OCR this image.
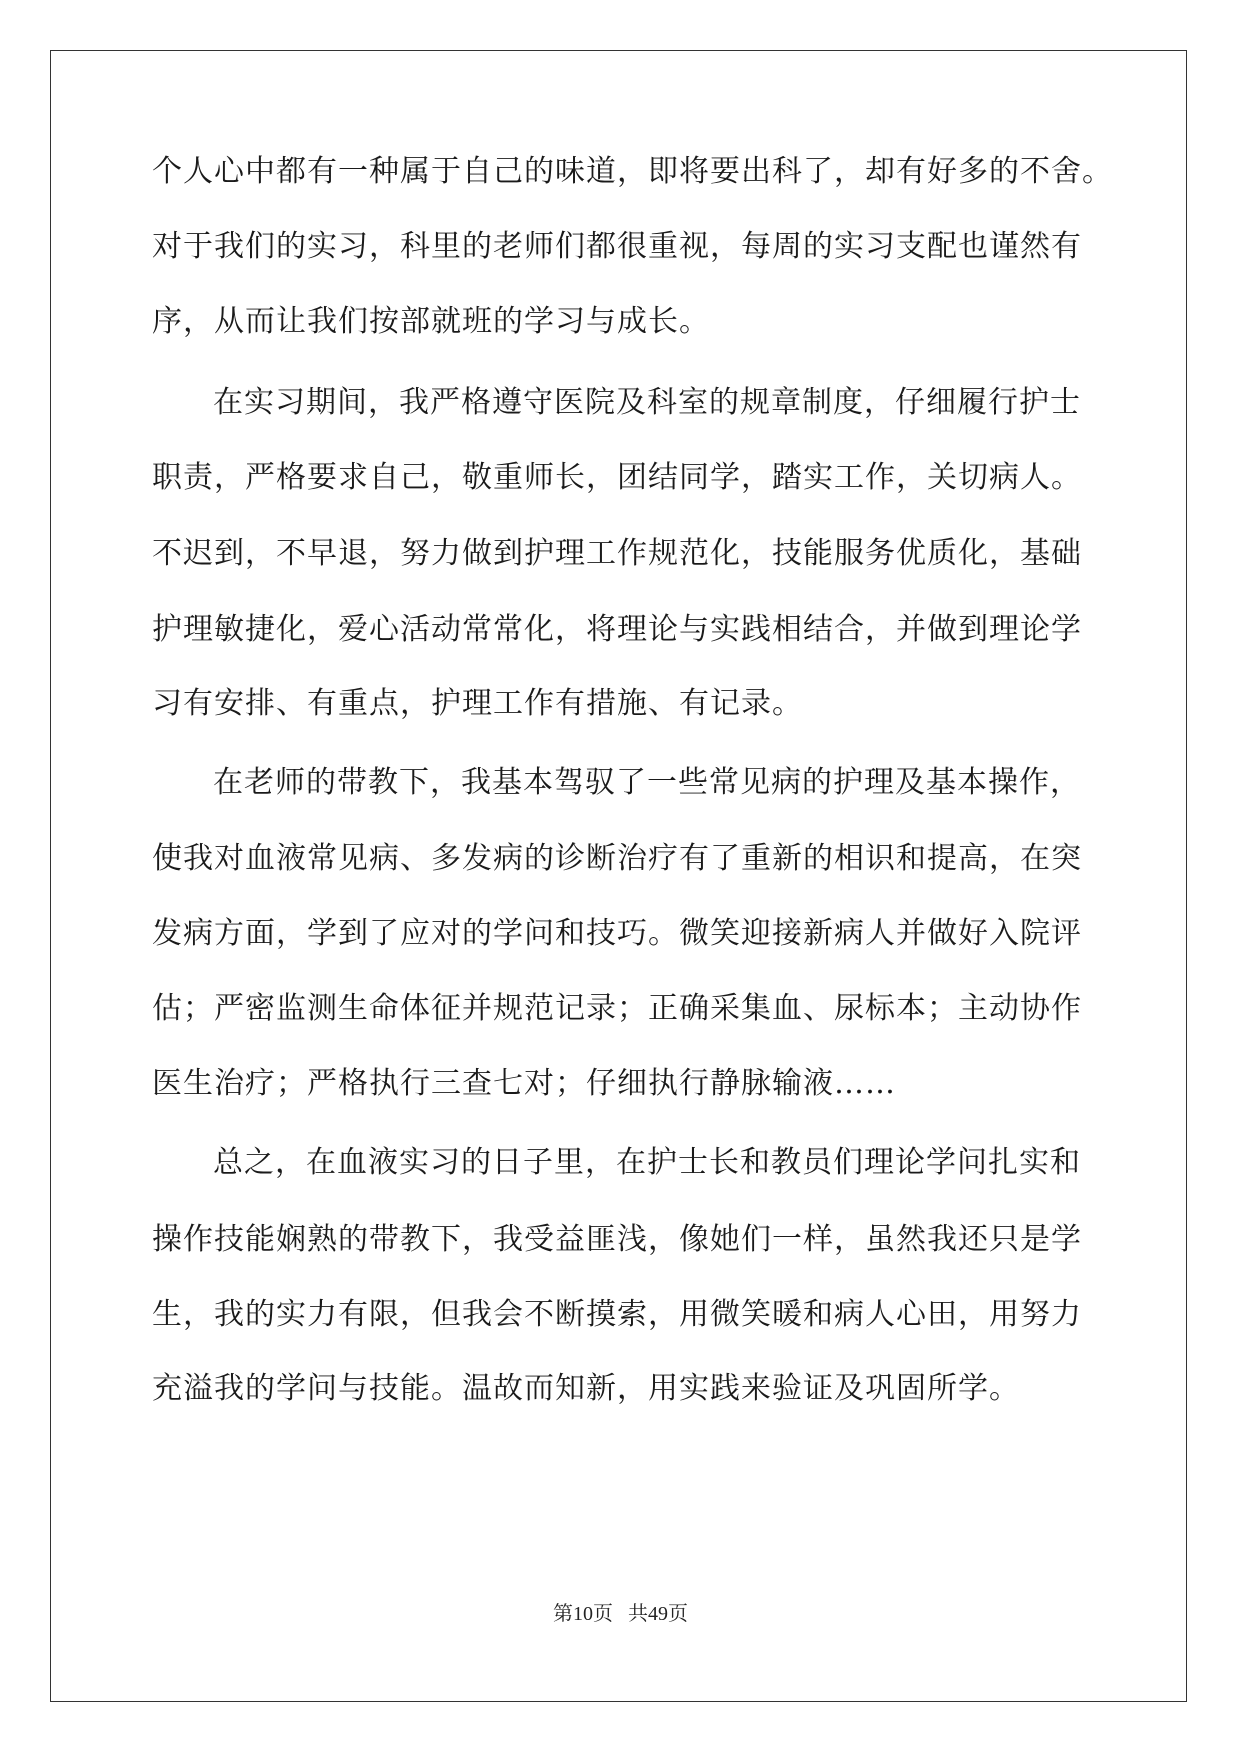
个人心中都有一种属于自己的味道，即将要出科了，却有好多的不舍。
对于我们的实习，科里的老师们都很重视，每周的实习支配也谨然有
序，从而让我们按部就班的学习与成长。
在实习期间，我严格遵守医院及科室的规章制度，仔细履行护士
职责，严格要求自己，敬重师长，团结同学，踏实工作，关切病人。
不迟到，不早退，努力做到护理工作规范化，技能服务优质化，基础
护理敏捷化，爱心活动常常化，将理论与实践相结合，并做到理论学
习有安排、有重点，护理工作有措施、有记录。
在老师的带教下，我基本驾驭了一些常见病的护理及基本操作，
使我对血液常见病、多发病的诊断治疗有了重新的相识和提高，在突
发病方面，学到了应对的学问和技巧。微笑迎接新病人并做好入院评
估；严密监测生命体征并规范记录；正确采集血、尿标本；主动协作
医生治疗；严格执行三查七对；仔细执行静脉输液……
总之，在血液实习的日子里，在护士长和教员们理论学问扎实和
操作技能娴熟的带教下，我受益匪浅，像她们一样，虽然我还只是学
生，我的实力有限，但我会不断摸索，用微笑暖和病人心田，用努力
充溢我的学问与技能。温故而知新，用实践来验证及巩固所学。
第10页 共49页
